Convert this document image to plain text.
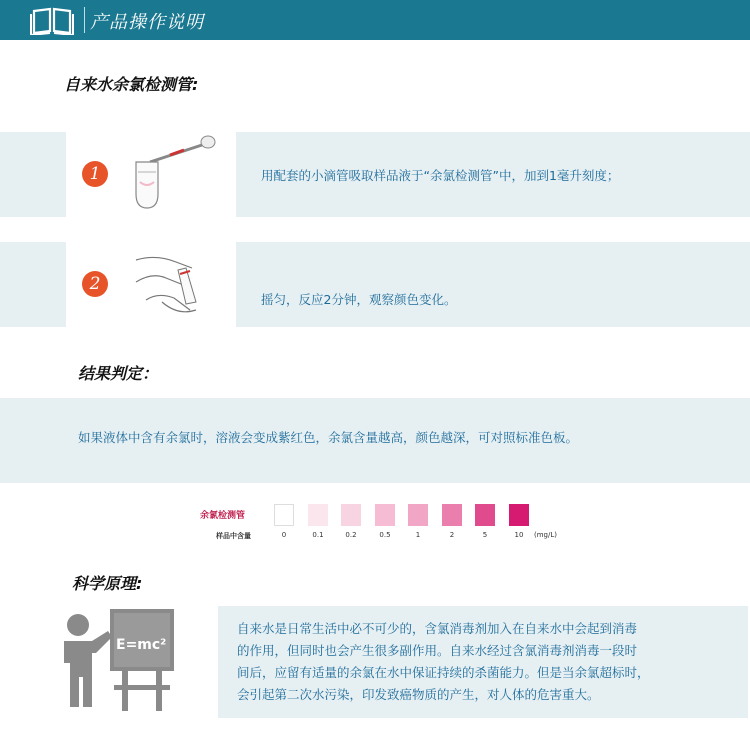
产品操作说明
自来水余氯检测管:
1	用配套的小滴管吸取样品液于“余氯检测管”中，加到1毫升刻度；
2
摇匀，反应2分钟，观察颜色变化。
结果判定：
如果液体中含有余氯时，溶液会变成紫红色，余氯含量越高，颜色越深，可对照标准色板。
余氯检测管
样品中含量	0	0.1	0.2	0.5	1	2	5	10	(mg/L)
科学原理:
E=mc²
自来水是日常生活中必不可少的，含氯消毒剂加入在自来水中会起到消毒
的作用，但同时也会产生很多副作用。自来水经过含氯消毒剂消毒一段时
间后，应留有适量的余氯在水中保证持续的杀菌能力。但是当余氯超标时，
会引起第二次水污染，印发致癌物质的产生，对人体的危害重大。
